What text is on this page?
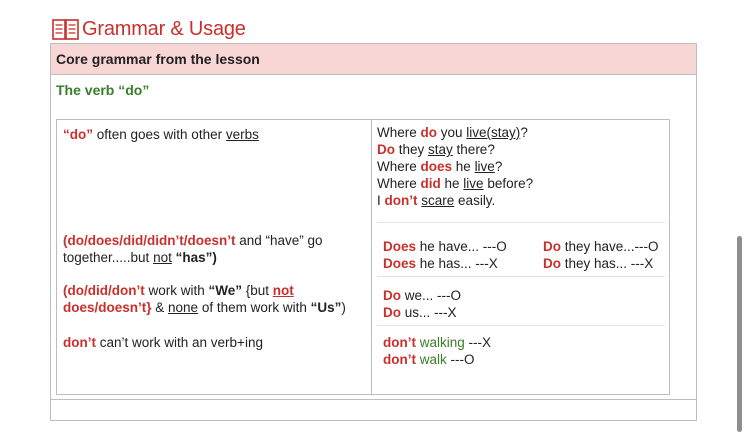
Grammar & Usage
Core grammar from the lesson
The verb “do”
“do” often goes with other verbs	Where do you live(stay)?
Do they stay there?
Where does he live?
Where did he live before?
I don’t scare easily.
(do/does/did/didn’t/doesn’t and “have” go together.....but not “has”)
Does he have... ---O
Does he has... ---X
Do they have...---O
Do they has... ---X
(do/did/don’t work with “We” {but not does/doesn’t} & none of them work with “Us”)
Do we... ---O
Do us... ---X
don’t can’t work with an verb+ing	don’t walking ---X
don’t walk ---O
